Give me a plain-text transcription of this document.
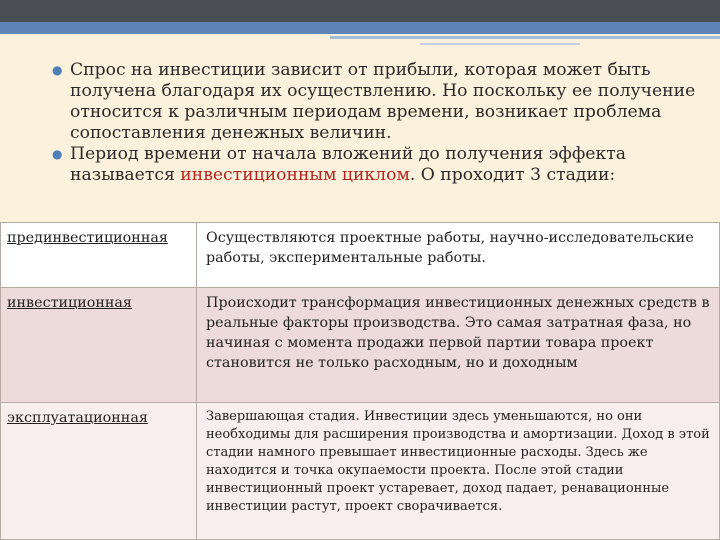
● Спрос на инвестиции зависит от прибыли, которая может быть получена благодаря их осуществлению. Но поскольку ее получение относится к различным периодам времени, возникает проблема сопоставления денежных величин.
● Период времени от начала вложений до получения эффекта называется инвестиционным циклом. О проходит 3 стадии:
прединвестиционная	Осуществляются проектные работы, научно-исследовательские работы, экспериментальные работы.
инвестиционная	Происходит трансформация инвестиционных денежных средств в реальные факторы производства. Это самая затратная фаза, но начиная с момента продажи первой партии товара проект становится не только расходным, но и доходным
эксплуатационная	Завершающая стадия. Инвестиции здесь уменьшаются, но они необходимы для расширения производства и амортизации. Доход в этой стадии намного превышает инвестиционные расходы. Здесь же находится и точка окупаемости проекта. После этой стадии инвестиционный проект устаревает, доход падает, ренавационные инвестиции растут, проект сворачивается.
